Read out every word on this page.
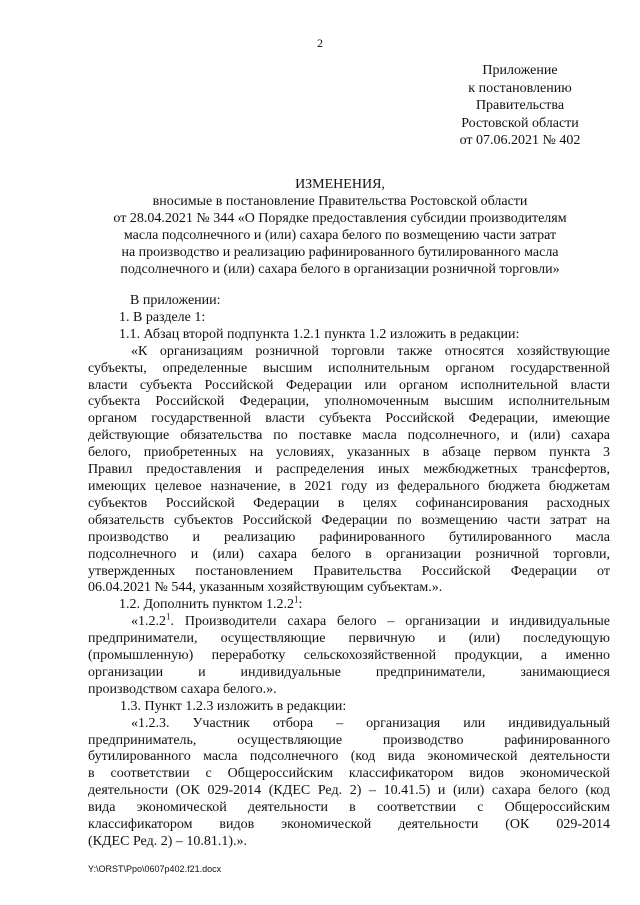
2
Приложение
к постановлению
Правительства
Ростовской области
от 07.06.2021 № 402
ИЗМЕНЕНИЯ,
вносимые в постановление Правительства Ростовской области
от 28.04.2021 № 344 «О Порядке предоставления субсидии производителям
масла подсолнечного и (или) сахара белого по возмещению части затрат
на производство и реализацию рафинированного бутилированного масла
подсолнечного и (или) сахара белого в организации розничной торговли»

В приложении:

1. В разделе 1:

1.1. Абзац второй подпункта 1.2.1 пункта 1.2 изложить в редакции:

«К организациям розничной торговли также относятся хозяйствующие
субъекты, определенные высшим исполнительным органом государственной
власти субъекта Российской Федерации или органом исполнительной власти
субъекта Российской Федерации, уполномоченным высшим исполнительным
органом государственной власти субъекта Российской Федерации, имеющие
действующие обязательства по поставке масла подсолнечного, и (или) сахара
белого, приобретенных на условиях, указанных в абзаце первом пункта 3
Правил предоставления и распределения иных межбюджетных трансфертов,
имеющих целевое назначение, в 2021 году из федерального бюджета бюджетам
субъектов Российской Федерации в целях софинансирования расходных
обязательств субъектов Российской Федерации по возмещению части затрат на
производство и реализацию рафинированного бутилированного масла
подсолнечного и (или) сахара белого в организации розничной торговли,
утвержденных постановлением Правительства Российской Федерации от
06.04.2021 № 544, указанным хозяйствующим субъектам.».

1.2. Дополнить пунктом 1.2.2$^1$:

«1.2.2$^1$. Производители сахара белого – организации и индивидуальные
предприниматели, осуществляющие первичную и (или) последующую
(промышленную) переработку сельскохозяйственной продукции, а именно
организации и индивидуальные предприниматели, занимающиеся
производством сахара белого.».

1.3. Пункт 1.2.3 изложить в редакции:

«1.2.3. Участник отбора – организация или индивидуальный
предприниматель, осуществляющие производство рафинированного
бутилированного масла подсолнечного (код вида экономической деятельности
в соответствии с Общероссийским классификатором видов экономической
деятельности (ОК 029-2014 (КДЕС Ред. 2) – 10.41.5) и (или) сахара белого (код
вида экономической деятельности в соответствии с Общероссийским
классификатором видов экономической деятельности (ОК 029-2014
(КДЕС Ред. 2) – 10.81.1).».
Y:\ORST\Ppo\0607p402.f21.docx
